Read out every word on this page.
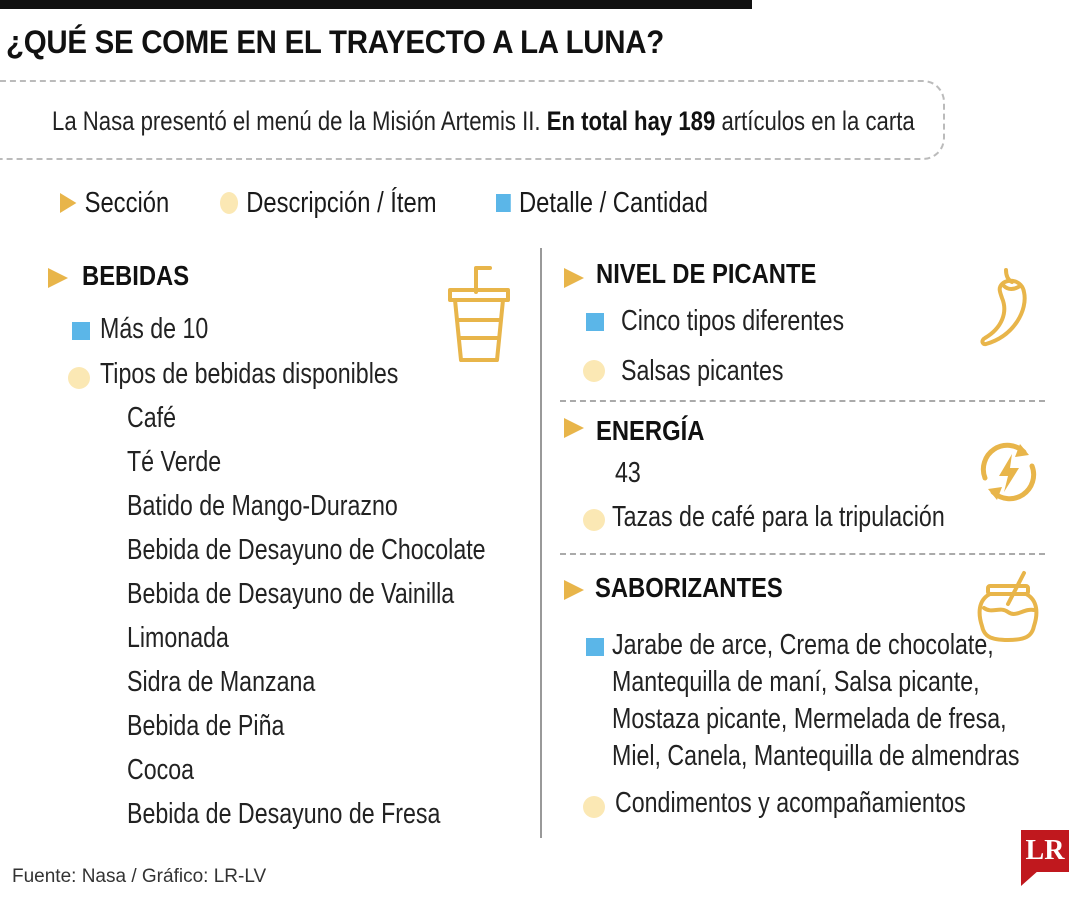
¿QUÉ SE COME EN EL TRAYECTO A LA LUNA?
La Nasa presentó el menú de la Misión Artemis II. En total hay 189 artículos en la carta
Sección	Descripción / Ítem	Detalle / Cantidad
BEBIDAS
Más de 10
Tipos de bebidas disponibles
Café
Té Verde
Batido de Mango-Durazno
Bebida de Desayuno de Chocolate
Bebida de Desayuno de Vainilla
Limonada
Sidra de Manzana
Bebida de Piña
Cocoa
Bebida de Desayuno de Fresa
NIVEL DE PICANTE
Cinco tipos diferentes
Salsas picantes
ENERGÍA
43
Tazas de café para la tripulación
SABORIZANTES
Jarabe de arce, Crema de chocolate, Mantequilla de maní, Salsa picante, Mostaza picante, Mermelada de fresa, Miel, Canela, Mantequilla de almendras
Condimentos y acompañamientos
Fuente: Nasa / Gráfico: LR-LV
LR
